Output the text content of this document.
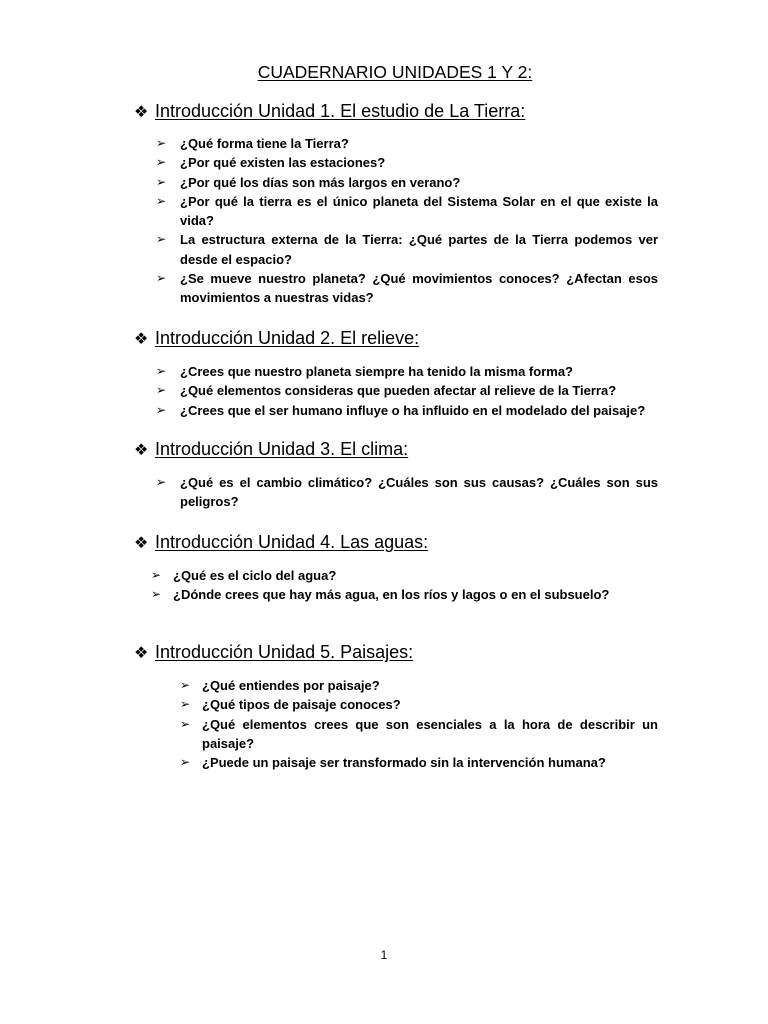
CUADERNARIO UNIDADES 1 Y 2:
❖ Introducción Unidad 1. El estudio de La Tierra:
➢ ¿Qué forma tiene la Tierra?
➢ ¿Por qué existen las estaciones?
➢ ¿Por qué los días son más largos en verano?
➢ ¿Por qué la tierra es el único planeta del Sistema Solar en el que existe la vida?
➢ La estructura externa de la Tierra: ¿Qué partes de la Tierra podemos ver desde el espacio?
➢ ¿Se mueve nuestro planeta? ¿Qué movimientos conoces? ¿Afectan esos movimientos a nuestras vidas?
❖ Introducción Unidad 2. El relieve:
➢ ¿Crees que nuestro planeta siempre ha tenido la misma forma?
➢ ¿Qué elementos consideras que pueden afectar al relieve de la Tierra?
➢ ¿Crees que el ser humano influye o ha influido en el modelado del paisaje?
❖ Introducción Unidad 3. El clima:
➢ ¿Qué es el cambio climático? ¿Cuáles son sus causas? ¿Cuáles son sus peligros?
❖ Introducción Unidad 4. Las aguas:
➢ ¿Qué es el ciclo del agua?
➢ ¿Dónde crees que hay más agua, en los ríos y lagos o en el subsuelo?
❖ Introducción Unidad 5. Paisajes:
➢ ¿Qué entiendes por paisaje?
➢ ¿Qué tipos de paisaje conoces?
➢ ¿Qué elementos crees que son esenciales a la hora de describir un paisaje?
➢ ¿Puede un paisaje ser transformado sin la intervención humana?
1
